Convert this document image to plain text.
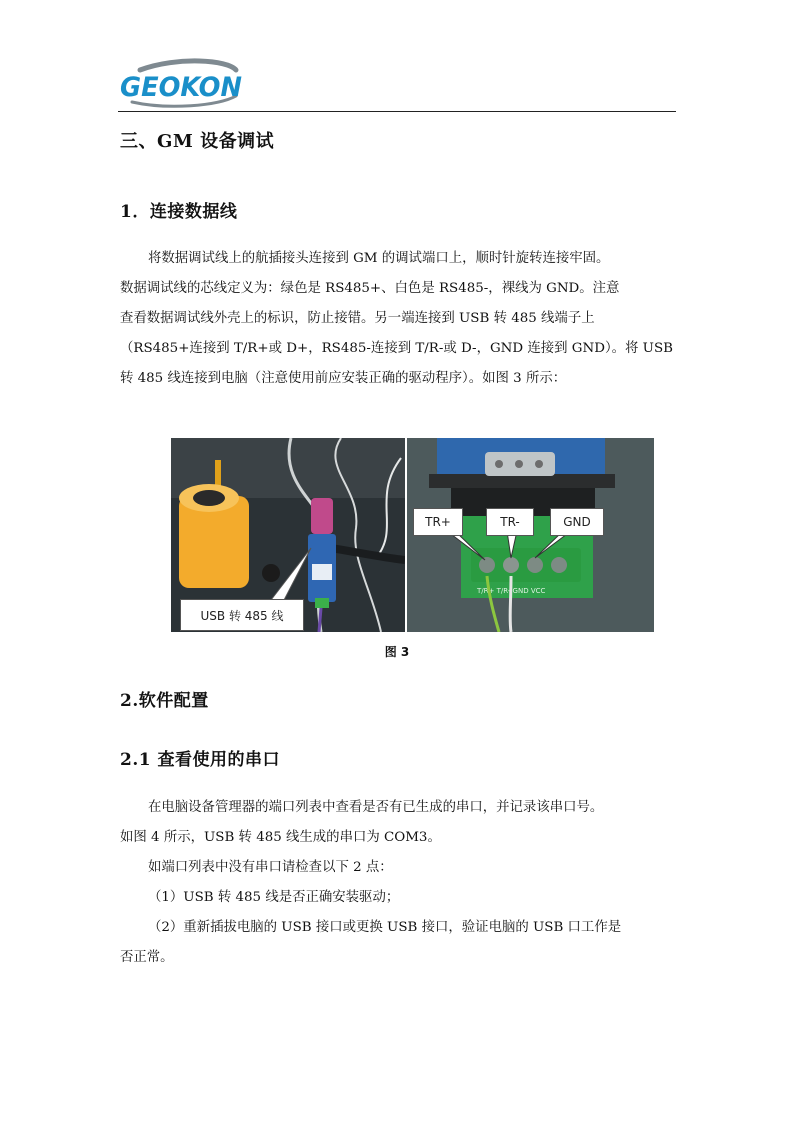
GEOKON
三、GM 设备调试
1．连接数据线
将数据调试线上的航插接头连接到 GM 的调试端口上，顺时针旋转连接牢固。
数据调试线的芯线定义为：绿色是 RS485+、白色是 RS485-，裸线为 GND。注意
查看数据调试线外壳上的标识，防止接错。另一端连接到 USB 转 485 线端子上
（RS485+连接到 T/R+或 D+，RS485-连接到 T/R-或 D-，GND 连接到 GND）。将 USB
转 485 线连接到电脑（注意使用前应安装正确的驱动程序）。如图 3 所示：
USB 转 485 线
T/R+ T/R- GND VCC
TR+	TR-	GND
图 3
2.软件配置
2.1 查看使用的串口
在电脑设备管理器的端口列表中查看是否有已生成的串口，并记录该串口号。
如图 4 所示，USB 转 485 线生成的串口为 COM3。
如端口列表中没有串口请检查以下 2 点：
（1）USB 转 485 线是否正确安装驱动；
（2）重新插拔电脑的 USB 接口或更换 USB 接口，验证电脑的 USB 口工作是
否正常。
